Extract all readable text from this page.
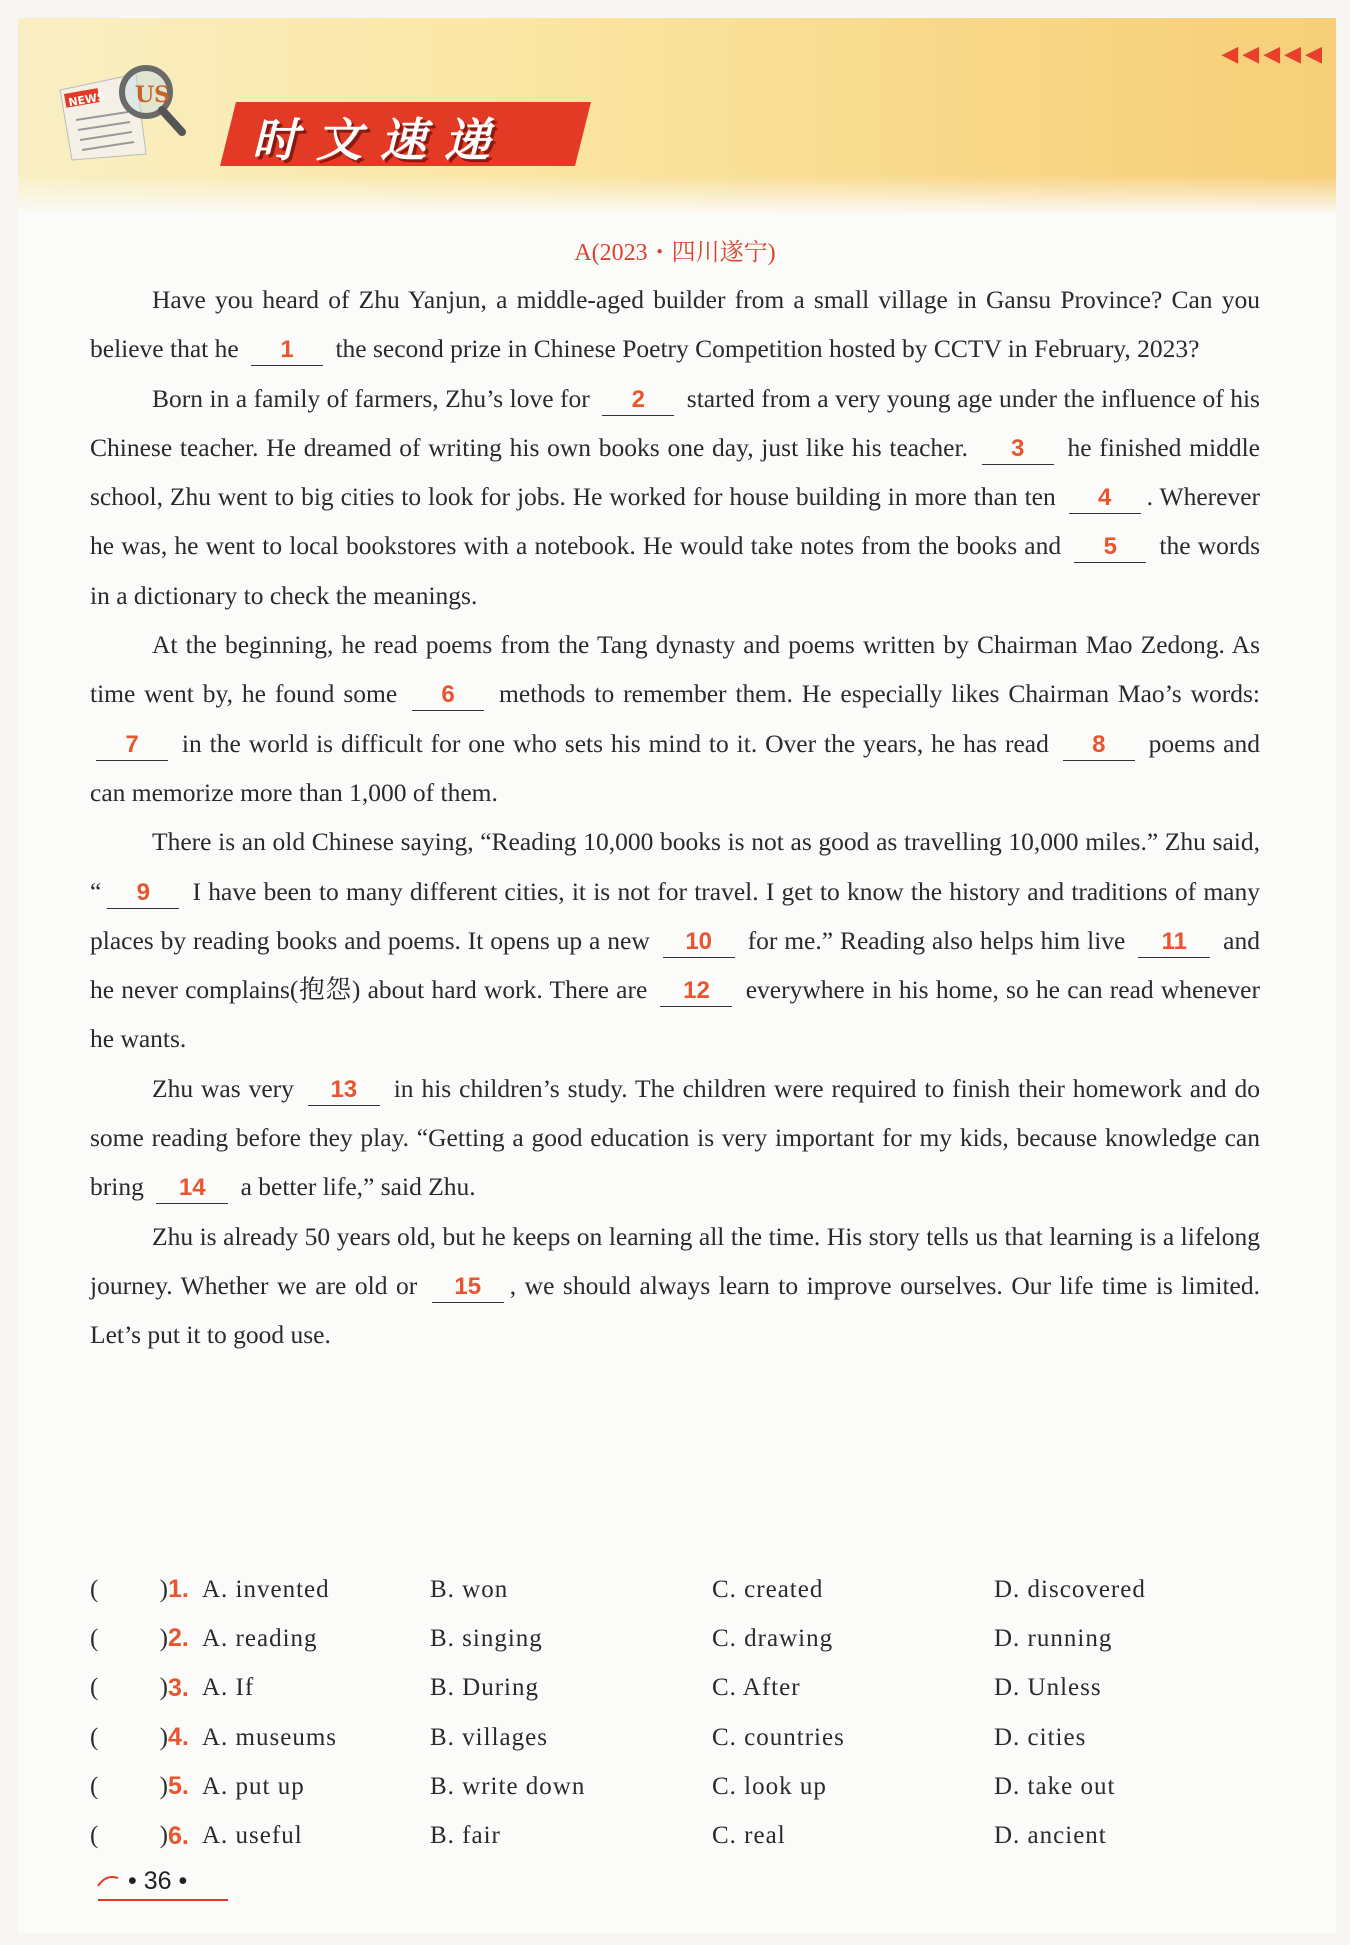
◀◀◀◀◀
NEWS US
时文速递
A(2023・四川遂宁)

Have you heard of Zhu Yanjun, a middle-aged builder from a small village in Gansu Province? Can you believe that he 1 the second prize in Chinese Poetry Competition hosted by CCTV in February, 2023?

Born in a family of farmers, Zhu’s love for 2 started from a very young age under the influence of his Chinese teacher. He dreamed of writing his own books one day, just like his teacher. 3 he finished middle school, Zhu went to big cities to look for jobs. He worked for house building in more than ten 4 . Wherever he was, he went to local bookstores with a notebook. He would take notes from the books and 5 the words in a dictionary to check the meanings.

At the beginning, he read poems from the Tang dynasty and poems written by Chairman Mao Zedong. As time went by, he found some 6 methods to remember them. He especially likes Chairman Mao’s words: 7 in the world is difficult for one who sets his mind to it. Over the years, he has read 8 poems and can memorize more than 1,000 of them.

There is an old Chinese saying, “Reading 10,000 books is not as good as travelling 10,000 miles.” Zhu said, “ 9 I have been to many different cities, it is not for travel. I get to know the history and traditions of many places by reading books and poems. It opens up a new 10 for me.” Reading also helps him live 11 and he never complains(抱怨) about hard work. There are 12 everywhere in his home, so he can read whenever he wants.

Zhu was very 13 in his children’s study. The children were required to finish their homework and do some reading before they play. “Getting a good education is very important for my kids, because knowledge can bring 14 a better life,” said Zhu.

Zhu is already 50 years old, but he keeps on learning all the time. His story tells us that learning is a lifelong journey. Whether we are old or 15 , we should always learn to improve ourselves. Our life time is limited. Let’s put it to good use.

( ) 1. A. invented	B. won	C. created	D. discovered
( ) 2. A. reading	B. singing	C. drawing	D. running
( ) 3. A. If	B. During	C. After	D. Unless
( ) 4. A. museums	B. villages	C. countries	D. cities
( ) 5. A. put up	B. write down	C. look up	D. take out
( ) 6. A. useful	B. fair	C. real	D. ancient
• 36 •
